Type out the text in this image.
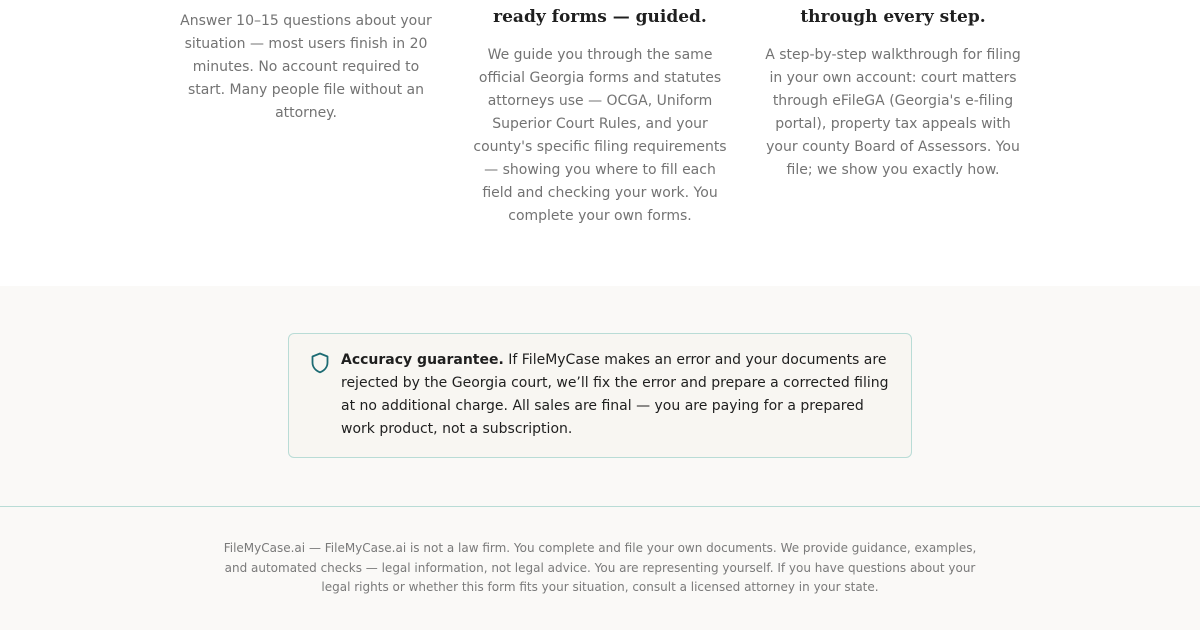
Answer 10–15 questions about your situation — most users finish in 20 minutes. No account required to start. Many people file without an attorney.

ready forms — guided.

We guide you through the same official Georgia forms and statutes attorneys use — OCGA, Uniform Superior Court Rules, and your county's specific filing requirements — showing you where to fill each field and checking your work. You complete your own forms.

through every step.

A step-by-step walkthrough for filing in your own account: court matters through eFileGA (Georgia's e-filing portal), property tax appeals with your county Board of Assessors. You file; we show you exactly how.

Accuracy guarantee. If FileMyCase makes an error and your documents are rejected by the Georgia court, we’ll fix the error and prepare a corrected filing at no additional charge. All sales are final — you are paying for a prepared work product, not a subscription.

FileMyCase.ai — FileMyCase.ai is not a law firm. You complete and file your own documents. We provide guidance, examples, and automated checks — legal information, not legal advice. You are representing yourself. If you have questions about your legal rights or whether this form fits your situation, consult a licensed attorney in your state.
